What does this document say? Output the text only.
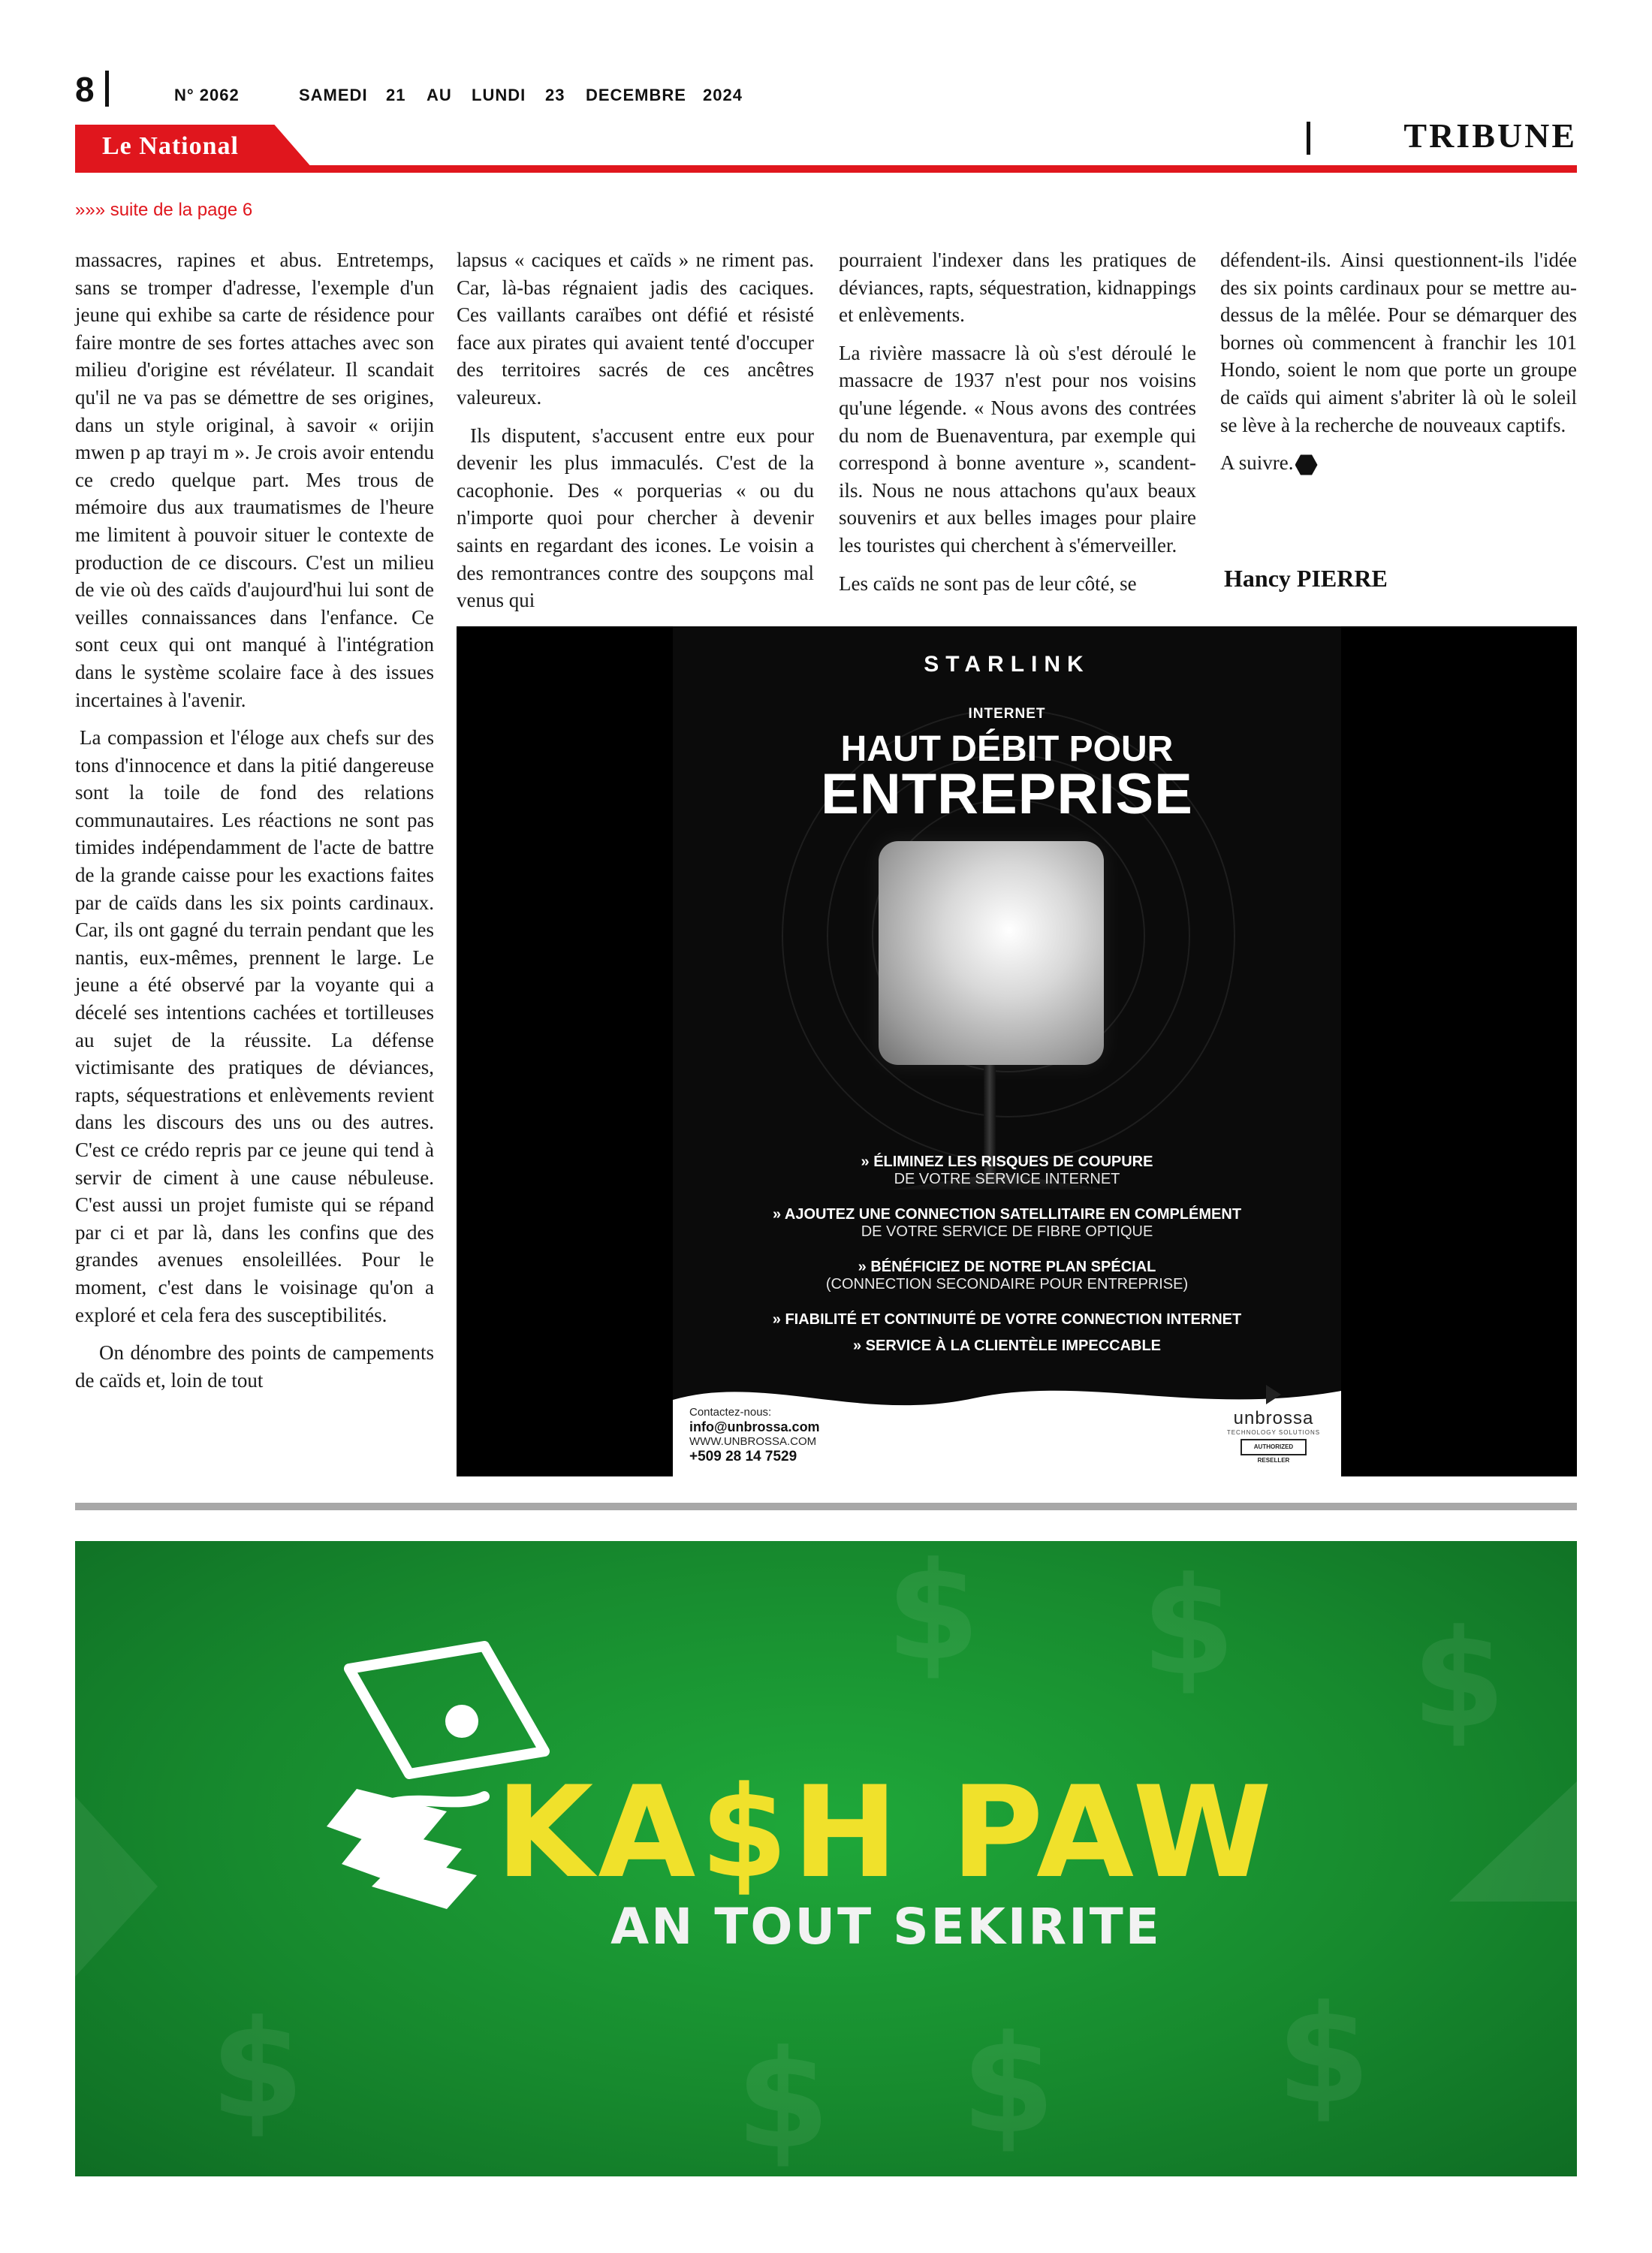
8	N° 2062	SAMEDI 21 AU LUNDI 23 DECEMBRE 2024
Le National	TRIBUNE
»»» suite de la page 6

massacres, rapines et abus. Entretemps, sans se tromper d'adresse, l'exemple d'un jeune qui exhibe sa carte de résidence pour faire montre de ses fortes attaches avec son milieu d'origine est révélateur. Il scandait qu'il ne va pas se démettre de ses origines, dans un style original, à savoir « orijin mwen p ap trayi m ». Je crois avoir entendu ce credo quelque part. Mes trous de mémoire dus aux traumatismes de l'heure me limitent à pouvoir situer le contexte de production de ce discours. C'est un milieu de vie où des caïds d'aujourd'hui lui sont de veilles connaissances dans l'enfance. Ce sont ceux qui ont manqué à l'intégration dans le système scolaire face à des issues incertaines à l'avenir.

La compassion et l'éloge aux chefs sur des tons d'innocence et dans la pitié dangereuse sont la toile de fond des relations communautaires. Les réactions ne sont pas timides indépendamment de l'acte de battre de la grande caisse pour les exactions faites par de caïds dans les six points cardinaux. Car, ils ont gagné du terrain pendant que les nantis, eux-mêmes, prennent le large. Le jeune a été observé par la voyante qui a décelé ses intentions cachées et tortilleuses au sujet de la réussite. La défense victimisante des pratiques de déviances, rapts, séquestrations et enlèvements revient dans les discours des uns ou des autres. C'est ce crédo repris par ce jeune qui tend à servir de ciment à une cause nébuleuse. C'est aussi un projet fumiste qui se répand par ci et par là, dans les confins que des grandes avenues ensoleillées. Pour le moment, c'est dans le voisinage qu'on a exploré et cela fera des susceptibilités.

On dénombre des points de campements de caïds et, loin de tout

lapsus « caciques et caïds » ne riment pas. Car, là-bas régnaient jadis des caciques. Ces vaillants caraïbes ont défié et résisté face aux pirates qui avaient tenté d'occuper des territoires sacrés de ces ancêtres valeureux.

Ils disputent, s'accusent entre eux pour devenir les plus immaculés. C'est de la cacophonie. Des « porquerias « ou du n'importe quoi pour chercher à devenir saints en regardant des icones. Le voisin a des remontrances contre des soupçons mal venus qui

pourraient l'indexer dans les pratiques de déviances, rapts, séquestration, kidnappings et enlèvements.

La rivière massacre là où s'est déroulé le massacre de 1937 n'est pour nos voisins qu'une légende. « Nous avons des contrées du nom de Buenaventura, par exemple qui correspond à bonne aventure », scandent-ils. Nous ne nous attachons qu'aux beaux souvenirs et aux belles images pour plaire les touristes qui cherchent à s'émerveiller.

Les caïds ne sont pas de leur côté, se

défendent-ils. Ainsi questionnent-ils l'idée des six points cardinaux pour se mettre au-dessus de la mêlée. Pour se démarquer des bornes où commencent à franchir les 101 Hondo, soient le nom que porte un groupe de caïds qui aiment s'abriter là où le soleil se lève à la recherche de nouveaux captifs.

A suivre.

Hancy PIERRE
STARLINK
INTERNET
HAUT DÉBIT POUR
ENTREPRISE
» ÉLIMINEZ LES RISQUES DE COUPURE
DE VOTRE SERVICE INTERNET
» AJOUTEZ UNE CONNECTION SATELLITAIRE EN COMPLÉMENT
DE VOTRE SERVICE DE FIBRE OPTIQUE
» BÉNÉFICIEZ DE NOTRE PLAN SPÉCIAL
(CONNECTION SECONDAIRE POUR ENTREPRISE)
» FIABILITÉ ET CONTINUITÉ DE VOTRE CONNECTION INTERNET
» SERVICE À LA CLIENTÈLE IMPECCABLE
Contactez-nous:
info@unbrossa.com
WWW.UNBROSSA.COM
+509 28 14 7529
unbrossa
TECHNOLOGY SOLUTIONS
AUTHORIZED RESELLER
$ $ $
$
$
$	$
KA$H PAW
AN TOUT SEKIRITE
